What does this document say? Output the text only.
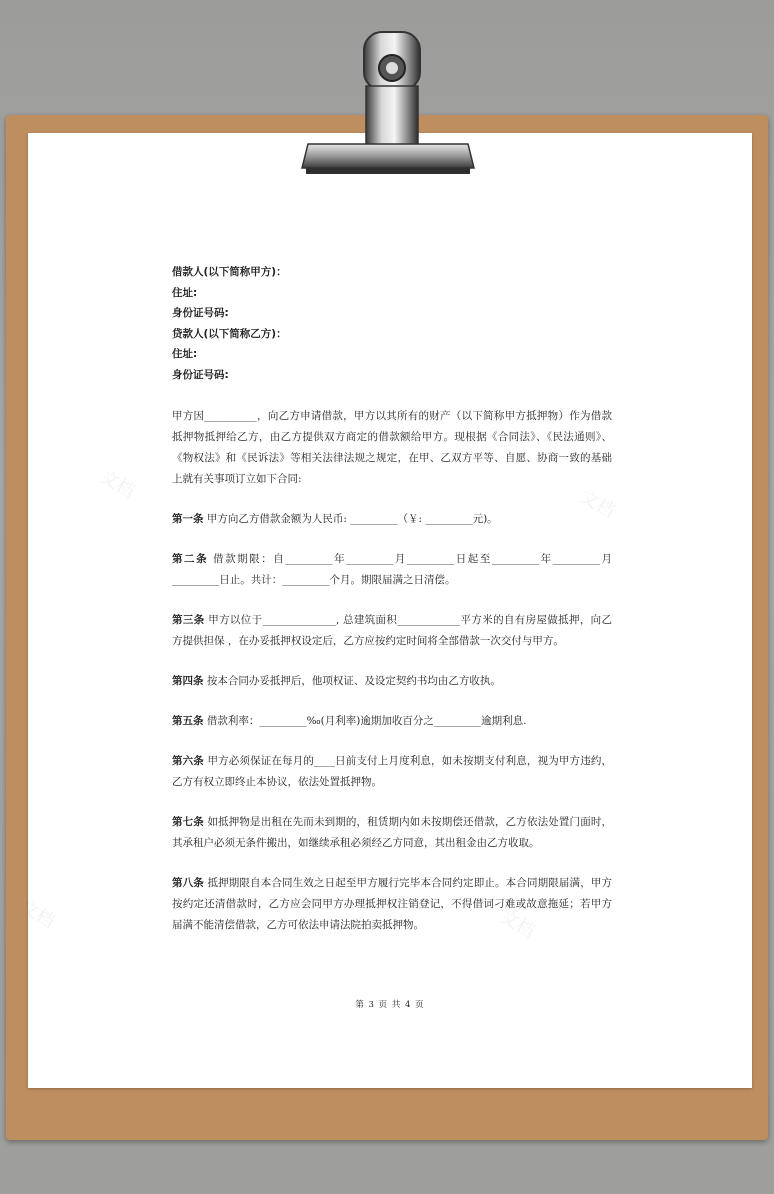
文档
文档
文档	文档

借款人(以下简称甲方)：

住址:

身份证号码:

贷款人(以下简称乙方)：

住址:

身份证号码:

甲方因__________，向乙方申请借款，甲方以其所有的财产（以下简称甲方抵押物）作为借款抵押物抵押给乙方，由乙方提供双方商定的借款额给甲方。现根据《合同法》、《民法通则》、《物权法》和《民诉法》等相关法律法规之规定，在甲、乙双方平等、自愿、协商一致的基础上就有关事项订立如下合同:

第一条 甲方向乙方借款金额为人民币: _________（￥: _________元)。

第二条 借款期限：自_________年_________月_________日起至_________年_________月_________日止。共计：_________个月。期限届满之日清偿。

第三条 甲方以位于______________, 总建筑面积____________平方米的自有房屋做抵押，向乙方提供担保 ，在办妥抵押权设定后，乙方应按约定时间将全部借款一次交付与甲方。

第四条 按本合同办妥抵押后，他项权证、及设定契约书均由乙方收执。

第五条 借款利率：_________‰(月利率)逾期加收百分之_________逾期利息.

第六条 甲方必须保证在每月的____日前支付上月度利息，如未按期支付利息，视为甲方违约，乙方有权立即终止本协议，依法处置抵押物。

第七条 如抵押物是出租在先而未到期的，租赁期内如未按期偿还借款，乙方依法处置门面时，其承租户必须无条件搬出，如继续承租必须经乙方同意，其出租金由乙方收取。

第八条 抵押期限自本合同生效之日起至甲方履行完毕本合同约定即止。本合同期限届满，甲方按约定还清借款时，乙方应会同甲方办理抵押权注销登记，不得借词刁难或故意拖延；若甲方届满不能清偿借款，乙方可依法申请法院拍卖抵押物。

第 3 页 共 4 页
